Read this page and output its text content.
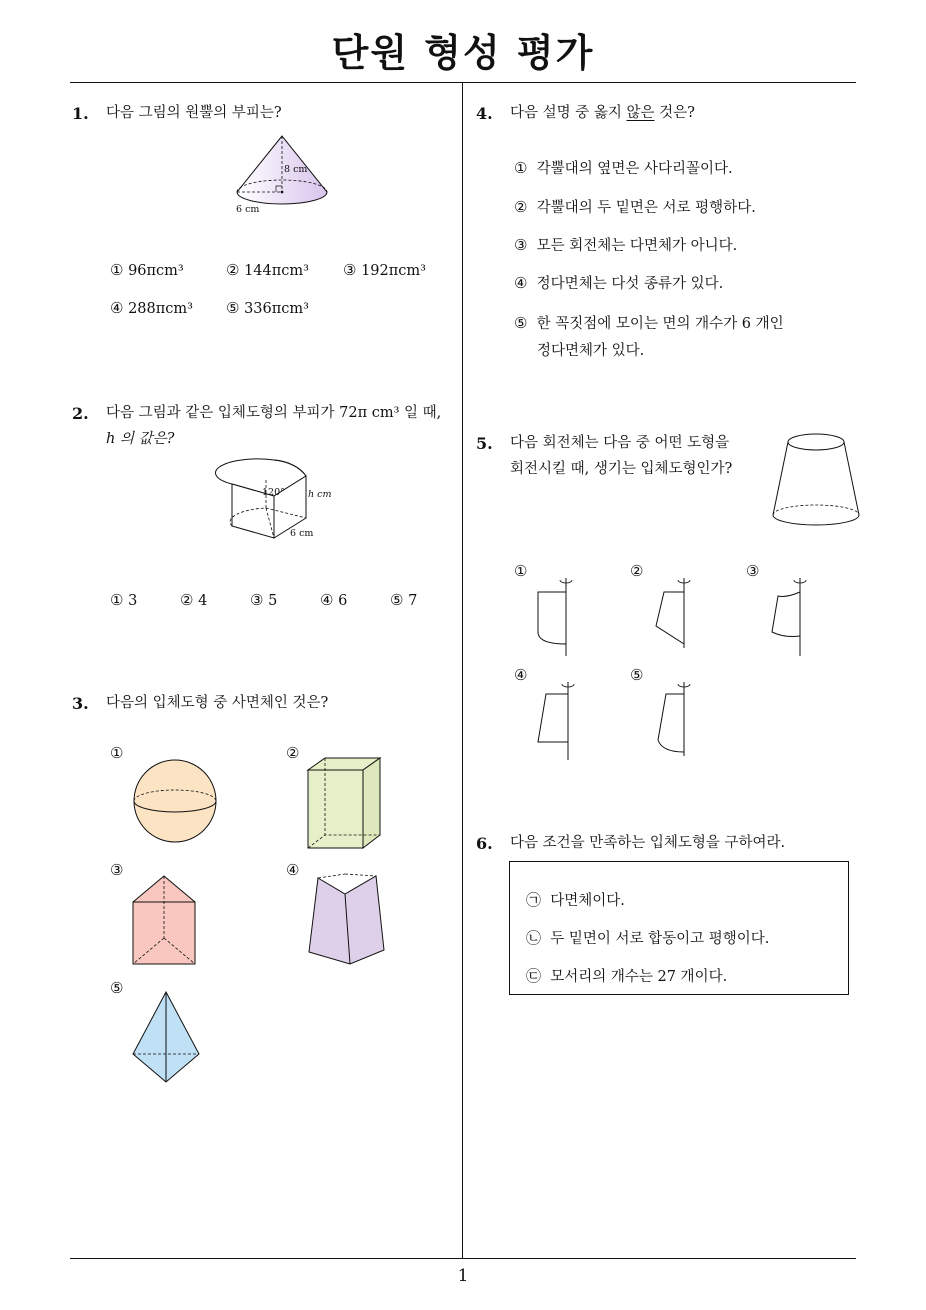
단원 형성 평가
1
1. 다음 그림의 원뿔의 부피는?
8 cm
6 cm
① 96πcm³	② 144πcm³ ③ 192πcm³
④ 288πcm³ ⑤ 336πcm³
2. 다음 그림과 같은 입체도형의 부피가 72π cm³ 일 때,
h 의 값은?
120° h cm
6 cm
① 3	② 4	③ 5	④ 6	⑤ 7
3. 다음의 입체도형 중 사면체인 것은?
①	②
③	④
⑤
4. 다음 설명 중 옳지 않은 것은?
① 각뿔대의 옆면은 사다리꼴이다.
② 각뿔대의 두 밑면은 서로 평행하다.
③ 모든 회전체는 다면체가 아니다.
④ 정다면체는 다섯 종류가 있다.
⑤ 한 꼭짓점에 모이는 면의 개수가 6 개인
정다면체가 있다.
5. 다음 회전체는 다음 중 어떤 도형을
회전시킬 때, 생기는 입체도형인가?
①	②	③
④	⑤
6. 다음 조건을 만족하는 입체도형을 구하여라.
㉠ 다면체이다.
㉡ 두 밑면이 서로 합동이고 평행이다.
㉢ 모서리의 개수는 27 개이다.
